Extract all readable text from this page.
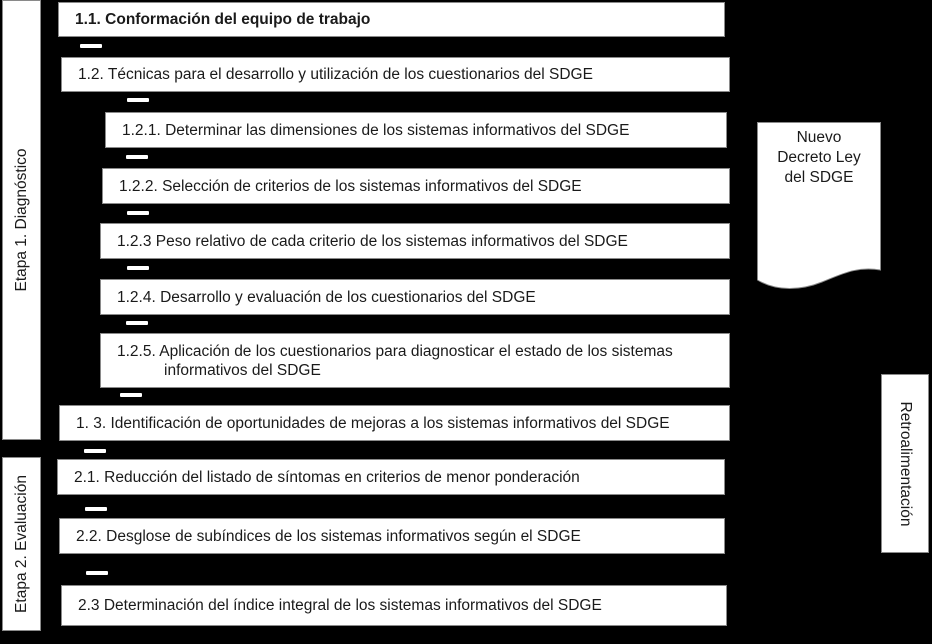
Etapa 1. Diagnóstico
Etapa 2. Evaluación
1.1. Conformación del equipo de trabajo
1.2. Técnicas para el desarrollo y utilización de los cuestionarios del SDGE
1.2.1. Determinar las dimensiones de los sistemas informativos del SDGE
1.2.2. Selección de criterios de los sistemas informativos del SDGE
1.2.3 Peso relativo de cada criterio de los sistemas informativos del SDGE
1.2.4. Desarrollo y evaluación de los cuestionarios del SDGE
1.2.5. Aplicación de los cuestionarios para diagnosticar el estado de los sistemas
informativos del SDGE
1. 3. Identificación de oportunidades de mejoras a los sistemas informativos del SDGE
2.1. Reducción del listado de síntomas en criterios de menor ponderación
2.2. Desglose de subíndices de los sistemas informativos según el SDGE
2.3 Determinación del índice integral de los sistemas informativos del SDGE
Nuevo
Decreto Ley
del SDGE
Retroalimentación
